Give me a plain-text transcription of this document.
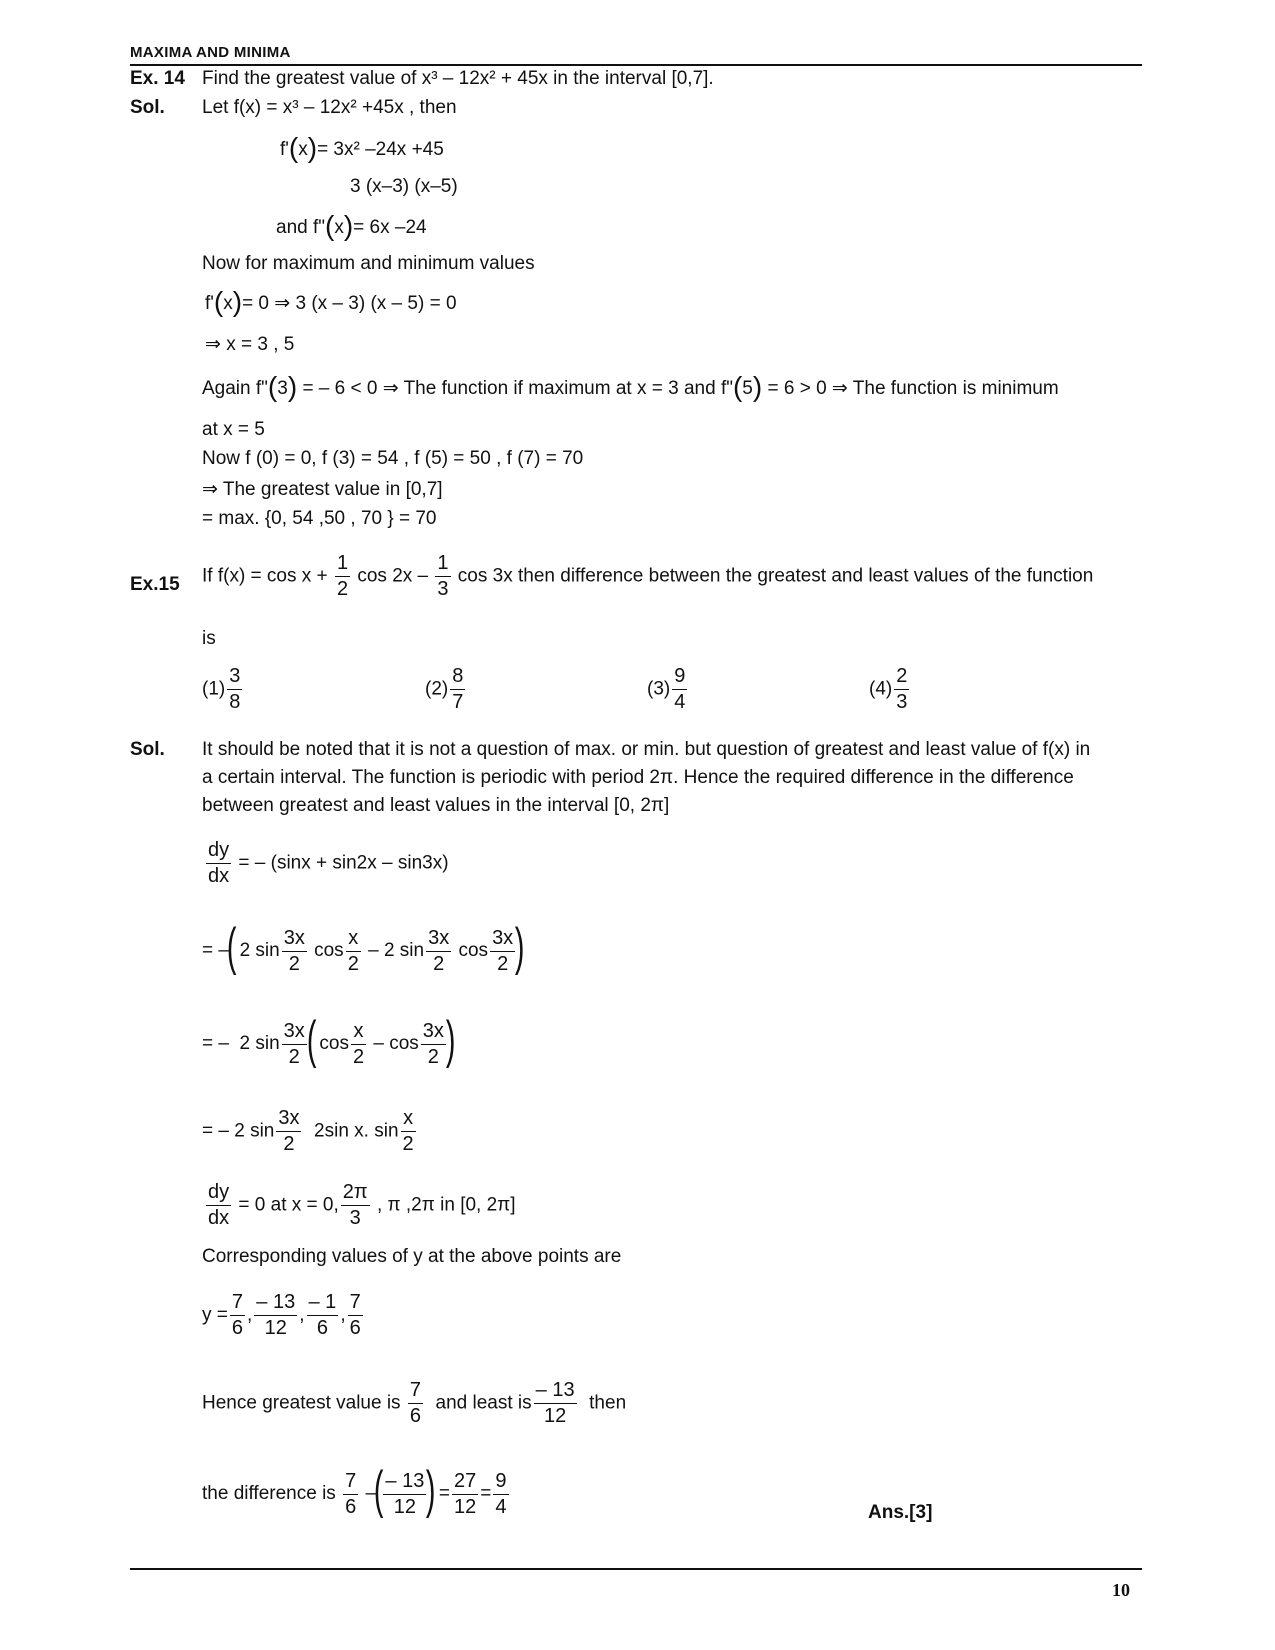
MAXIMA AND MINIMA
Ex. 14 Find the greatest value of x³ – 12x² + 45x in the interval [0,7].
Sol. Let f(x) = x³ – 12x² +45x , then
f'(x)= 3x² –24x +45
3 (x–3) (x–5)
and f"(x)= 6x –24
Now for maximum and minimum values
f'(x)= 0 ⇒ 3 (x – 3) (x – 5) = 0
⇒ x = 3 , 5
Again f"(3) = – 6 < 0 ⇒ The function if maximum at x = 3 and f"(5) = 6 > 0 ⇒ The function is minimum
at x = 5
Now f (0) = 0, f (3) = 54 , f (5) = 50 , f (7) = 70
⇒ The greatest value in [0,7]
= max. {0, 54 ,50 , 70 } = 70
Ex.15 If $f(x) = \cos x + \frac{1}{2}$ $\cos 2x - \frac{1}{3}$ cos 3x then difference between the greatest and least values of the function
is
$(1) \frac{3}{8}$	$(2) \frac{8}{7}$	$(3) \frac{9}{4}$	$(4) \frac{2}{3}$
Sol. It should be noted that it is not a question of max. or min. but question of greatest and least value of f(x) in
a certain interval. The function is periodic with period 2π. Hence the required difference in the difference
between greatest and least values in the interval [0, 2π]
$\frac{dy}{dx}$ = – (sinx + sin2x – sin3x)
= –( 2 $\sin \frac{3x}{2}$ $\cos \frac{x}{2} - 2$ $\sin \frac{3x}{2}$ $\cos \frac{3x}{2}$ )
= – 2 $\sin \frac{3x}{2}$ ( $\cos \frac{x}{2}$ – $\cos \frac{3x}{2}$ )
= – 2 $\sin \frac{3x}{2} 2\sin$ x. $\sin \frac{x}{2}$
$\frac{dy}{dx} = 0$ at x = 0, $\frac{2\pi}{3}$ , π ,2π in [0, 2π]
Corresponding values of y at the above points are
$y = \frac{7}{6}$ , $\frac{- 13}{12}$ , $\frac{- 1}{6}$ , $\frac{7}{6}$
Hence greatest value is $\frac{7}{6}$ and least is $\frac{- 13}{12}$ then
the difference is $\frac{7}{6}$ –( $\frac{- 13}{12}$ ) = $\frac{27}{12} = \frac{9}{4}$	Ans.[3]
10
